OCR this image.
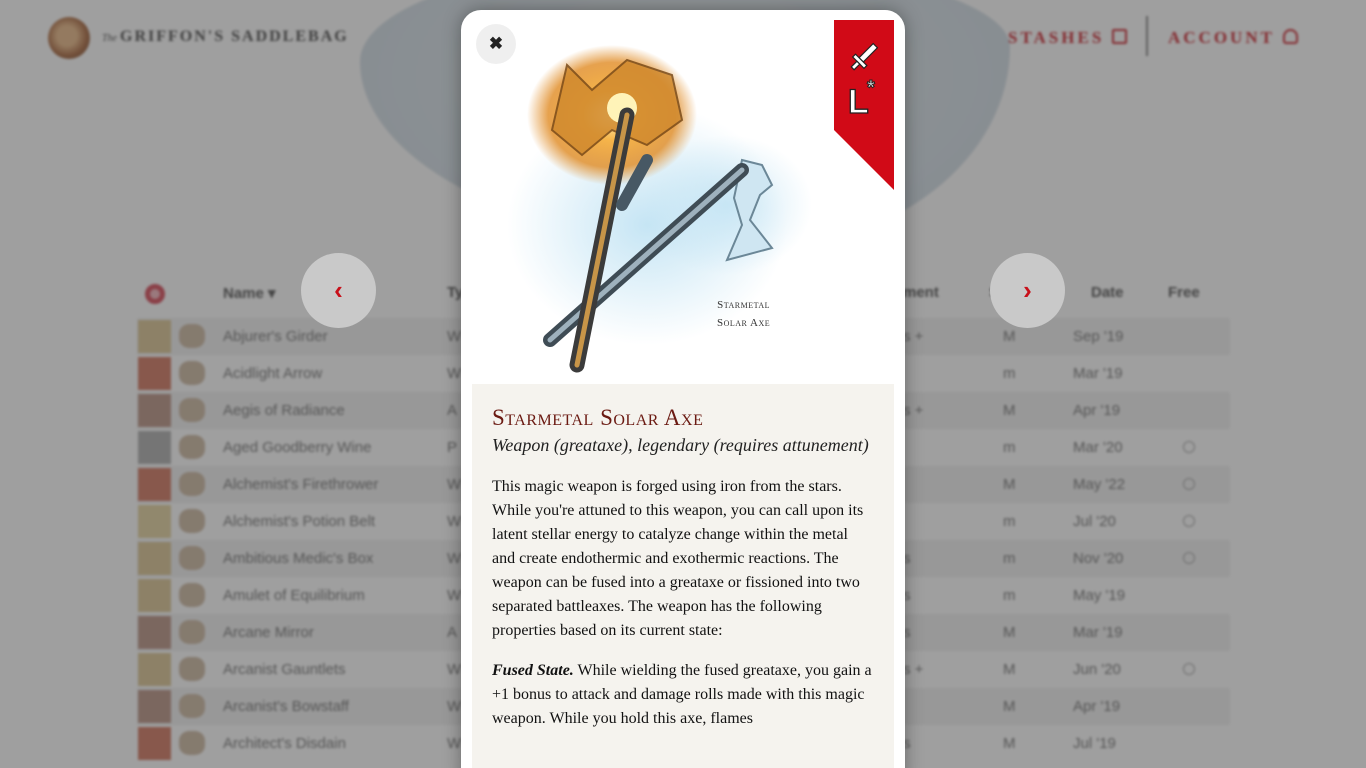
‹	›
Starmetal
Solar Axe
✖
L
*
Starmetal Solar Axe
Weapon (greataxe), legendary (requires attunement)
This magic weapon is forged using iron from the stars. While you're attuned to this weapon, you can call upon its latent stellar energy to catalyze change within the metal and create endothermic and exothermic reactions. The weapon can be fused into a greataxe or fissioned into two separated battleaxes. The weapon has the following properties based on its current state:
Fused State. While wielding the fused greataxe, you gain a +1 bonus to attack and damage rolls made with this magic weapon. While you hold this axe, flames
